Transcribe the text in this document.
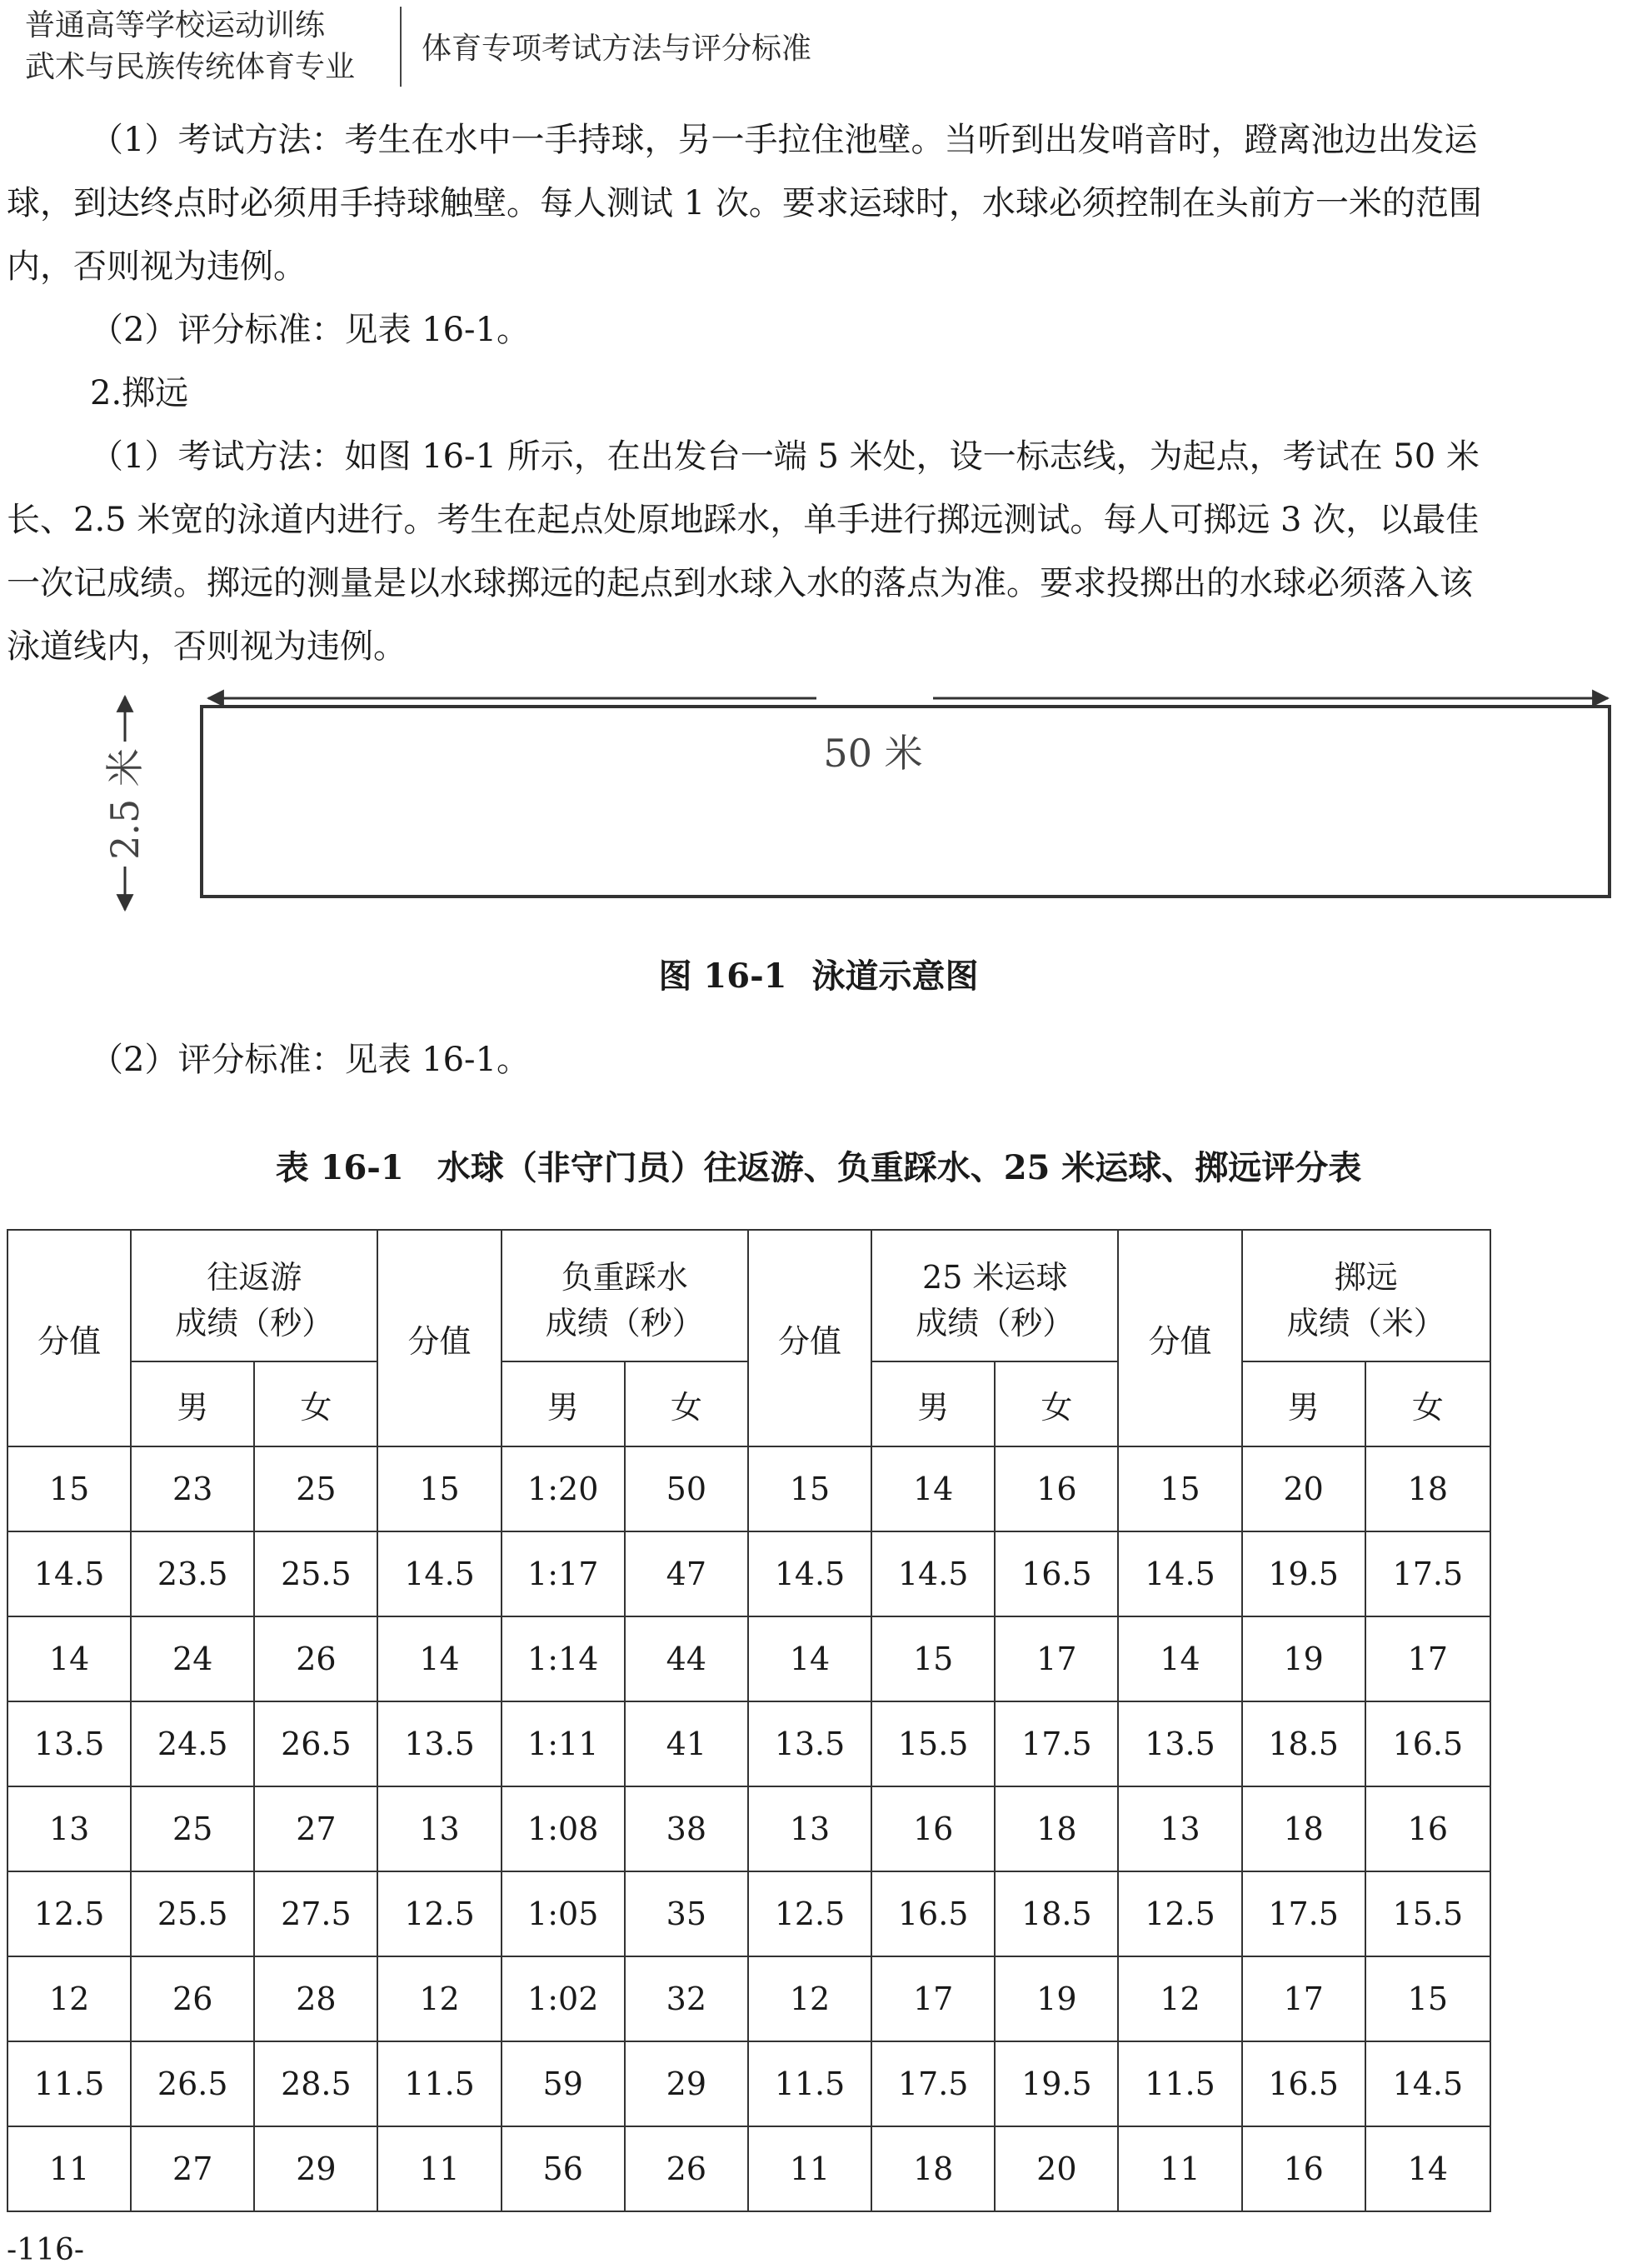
普通高等学校运动训练
武术与民族传统体育专业
体育专项考试方法与评分标准

（1）考试方法：考生在水中一手持球，另一手拉住池壁。当听到出发哨音时，蹬离池边出发运球，到达终点时必须用手持球触壁。每人测试 1 次。要求运球时，水球必须控制在头前方一米的范围内，否则视为违例。

（2）评分标准：见表 16-1。

2.掷远

（1）考试方法：如图 16-1 所示，在出发台一端 5 米处，设一标志线，为起点，考试在 50 米长、2.5 米宽的泳道内进行。考生在起点处原地踩水，单手进行掷远测试。每人可掷远 3 次，以最佳一次记成绩。掷远的测量是以水球掷远的起点到水球入水的落点为准。要求投掷出的水球必须落入该泳道线内，否则视为违例。

50 米
2.5 米
图 16-1 泳道示意图
（2）评分标准：见表 16-1。
表 16-1 水球（非守门员）往返游、负重踩水、25 米运球、掷远评分表
分值	往返游		分值	负重踩水		分值	25 米运球		分值	掷远	
	成绩（秒）			成绩（秒）			成绩（秒）			成绩（米）	
	男	女		男	女		男	女		男	女
15	23	25	15	1:20	50	15	14	16	15	20	18
14.5	23.5	25.5	14.5	1:17	47	14.5	14.5	16.5	14.5	19.5	17.5
14	24	26	14	1:14	44	14	15	17	14	19	17
13.5	24.5	26.5	13.5	1:11	41	13.5	15.5	17.5	13.5	18.5	16.5
13	25	27	13	1:08	38	13	16	18	13	18	16
12.5	25.5	27.5	12.5	1:05	35	12.5	16.5	18.5	12.5	17.5	15.5
12	26	28	12	1:02	32	12	17	19	12	17	15
11.5	26.5	28.5	11.5	59	29	11.5	17.5	19.5	11.5	16.5	14.5
11	27	29	11	56	26	11	18	20	11	16	14
-116-
